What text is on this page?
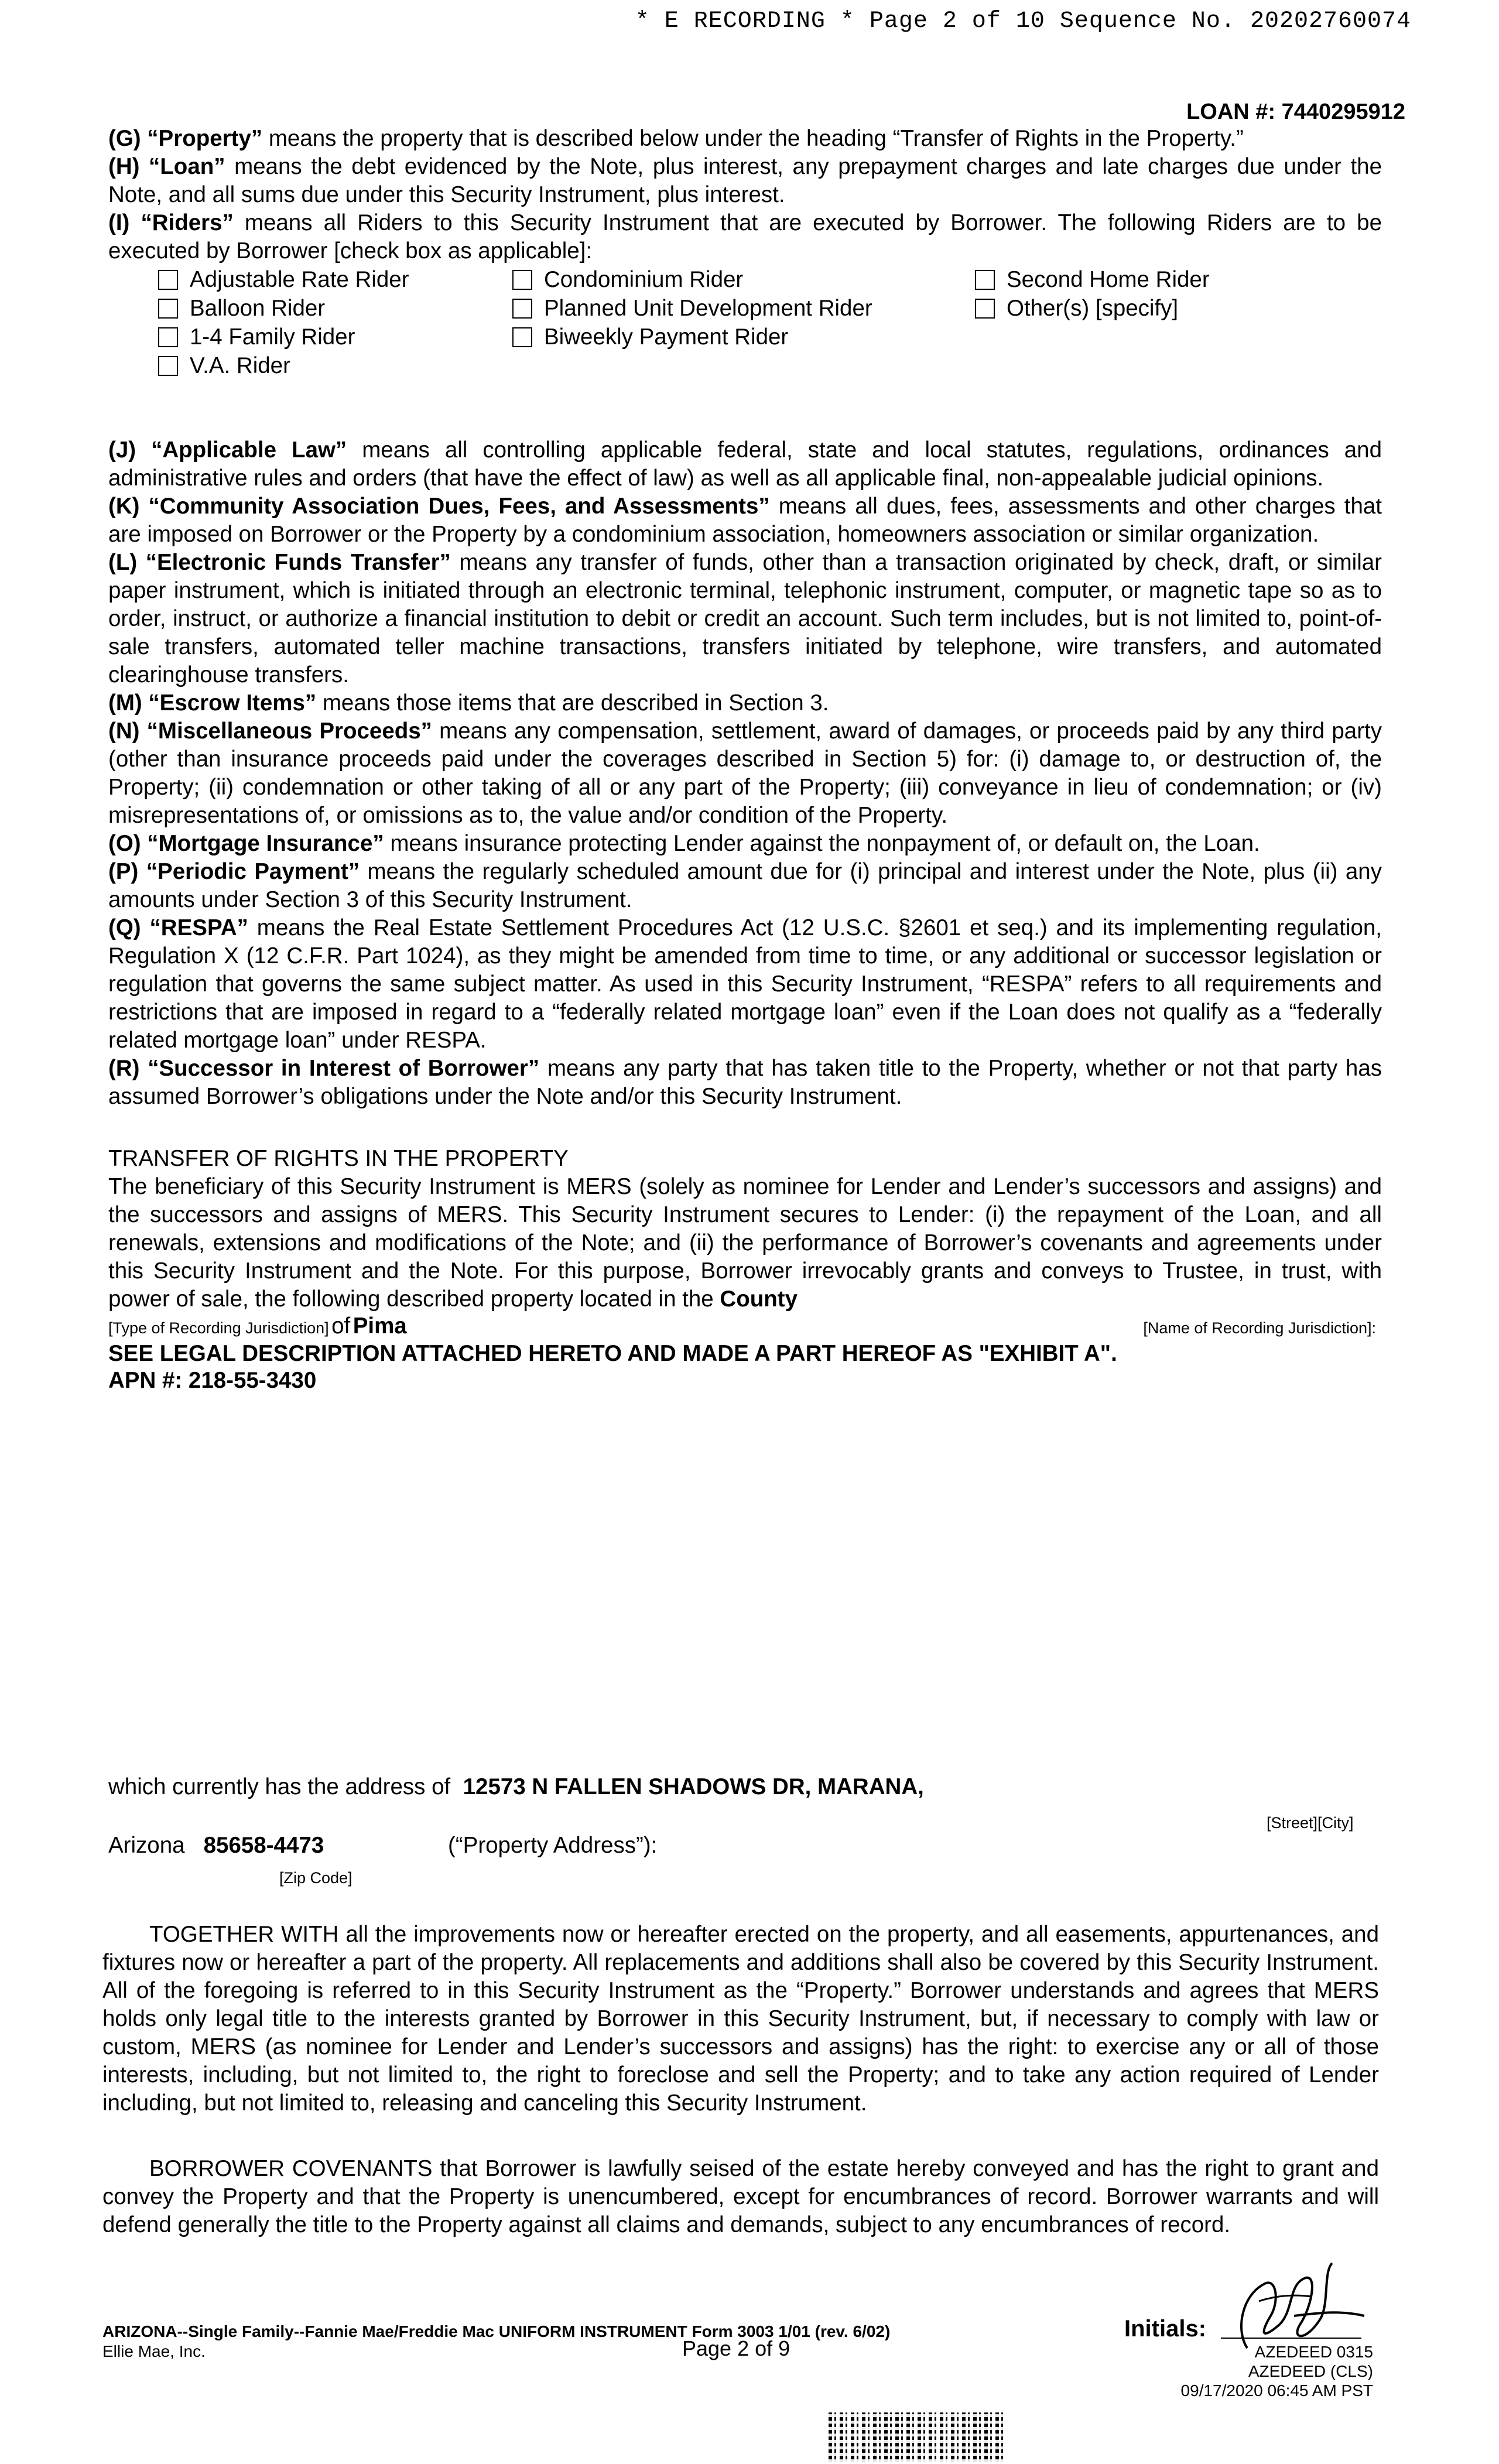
* E RECORDING * Page 2 of 10 Sequence No. 20202760074
LOAN #: 7440295912

(G) “Property” means the property that is described below under the heading “Transfer of Rights in the Property.”

(H) “Loan” means the debt evidenced by the Note, plus interest, any prepayment charges and late charges due under the Note, and all sums due under this Security Instrument, plus interest.

(I) “Riders” means all Riders to this Security Instrument that are executed by Borrower. The following Riders are to be executed by Borrower [check box as applicable]:

Adjustable Rate Rider	Condominium Rider	Second Home Rider
Balloon Rider	Planned Unit Development Rider	Other(s) [specify]
1-4 Family Rider	Biweekly Payment Rider
V.A. Rider

(J) “Applicable Law” means all controlling applicable federal, state and local statutes, regulations, ordinances and administrative rules and orders (that have the effect of law) as well as all applicable final, non-appealable judicial opinions.

(K) “Community Association Dues, Fees, and Assessments” means all dues, fees, assessments and other charges that are imposed on Borrower or the Property by a condominium association, homeowners association or similar organization.

(L) “Electronic Funds Transfer” means any transfer of funds, other than a transaction originated by check, draft, or similar paper instrument, which is initiated through an electronic terminal, telephonic instrument, computer, or magnetic tape so as to order, instruct, or authorize a financial institution to debit or credit an account. Such term includes, but is not limited to, point-of-sale transfers, automated teller machine transactions, transfers initiated by telephone, wire transfers, and automated clearinghouse transfers.

(M) “Escrow Items” means those items that are described in Section 3.

(N) “Miscellaneous Proceeds” means any compensation, settlement, award of damages, or proceeds paid by any third party (other than insurance proceeds paid under the coverages described in Section 5) for: (i) damage to, or destruction of, the Property; (ii) condemnation or other taking of all or any part of the Property; (iii) conveyance in lieu of condemnation; or (iv) misrepresentations of, or omissions as to, the value and/or condition of the Property.

(O) “Mortgage Insurance” means insurance protecting Lender against the nonpayment of, or default on, the Loan.

(P) “Periodic Payment” means the regularly scheduled amount due for (i) principal and interest under the Note, plus (ii) any amounts under Section 3 of this Security Instrument.

(Q) “RESPA” means the Real Estate Settlement Procedures Act (12 U.S.C. §2601 et seq.) and its implementing regulation, Regulation X (12 C.F.R. Part 1024), as they might be amended from time to time, or any additional or successor legislation or regulation that governs the same subject matter. As used in this Security Instrument, “RESPA” refers to all requirements and restrictions that are imposed in regard to a “federally related mortgage loan” even if the Loan does not qualify as a “federally related mortgage loan” under RESPA.

(R) “Successor in Interest of Borrower” means any party that has taken title to the Property, whether or not that party has assumed Borrower’s obligations under the Note and/or this Security Instrument.

TRANSFER OF RIGHTS IN THE PROPERTY

The beneficiary of this Security Instrument is MERS (solely as nominee for Lender and Lender’s successors and assigns) and the successors and assigns of MERS. This Security Instrument secures to Lender: (i) the repayment of the Loan, and all renewals, extensions and modifications of the Note; and (ii) the performance of Borrower’s covenants and agreements under this Security Instrument and the Note. For this purpose, Borrower irrevocably grants and conveys to Trustee, in trust, with power of sale, the following described property located in the County

[Type of Recording Jurisdiction] of Pima	[Name of Recording Jurisdiction]:
SEE LEGAL DESCRIPTION ATTACHED HERETO AND MADE A PART HEREOF AS "EXHIBIT A".
APN #: 218-55-3430
which currently has the address of 12573 N FALLEN SHADOWS DR, MARANA,
[Street][City]
Arizona 85658-4473	(“Property Address”):
[Zip Code]

TOGETHER WITH all the improvements now or hereafter erected on the property, and all easements, appurtenances, and fixtures now or hereafter a part of the property. All replacements and additions shall also be covered by this Security Instrument. All of the foregoing is referred to in this Security Instrument as the “Property.” Borrower understands and agrees that MERS holds only legal title to the interests granted by Borrower in this Security Instrument, but, if necessary to comply with law or custom, MERS (as nominee for Lender and Lender’s successors and assigns) has the right: to exercise any or all of those interests, including, but not limited to, the right to foreclose and sell the Property; and to take any action required of Lender including, but not limited to, releasing and canceling this Security Instrument.

BORROWER COVENANTS that Borrower is lawfully seised of the estate hereby conveyed and has the right to grant and convey the Property and that the Property is unencumbered, except for encumbrances of record. Borrower warrants and will defend generally the title to the Property against all claims and demands, subject to any encumbrances of record.

ARIZONA--Single Family--Fannie Mae/Freddie Mac UNIFORM INSTRUMENT Form 3003 1/01 (rev. 6/02)
Ellie Mae, Inc.	Page 2 of 9
Initials:
AZEDEED 0315
AZEDEED (CLS)
09/17/2020 06:45 AM PST
